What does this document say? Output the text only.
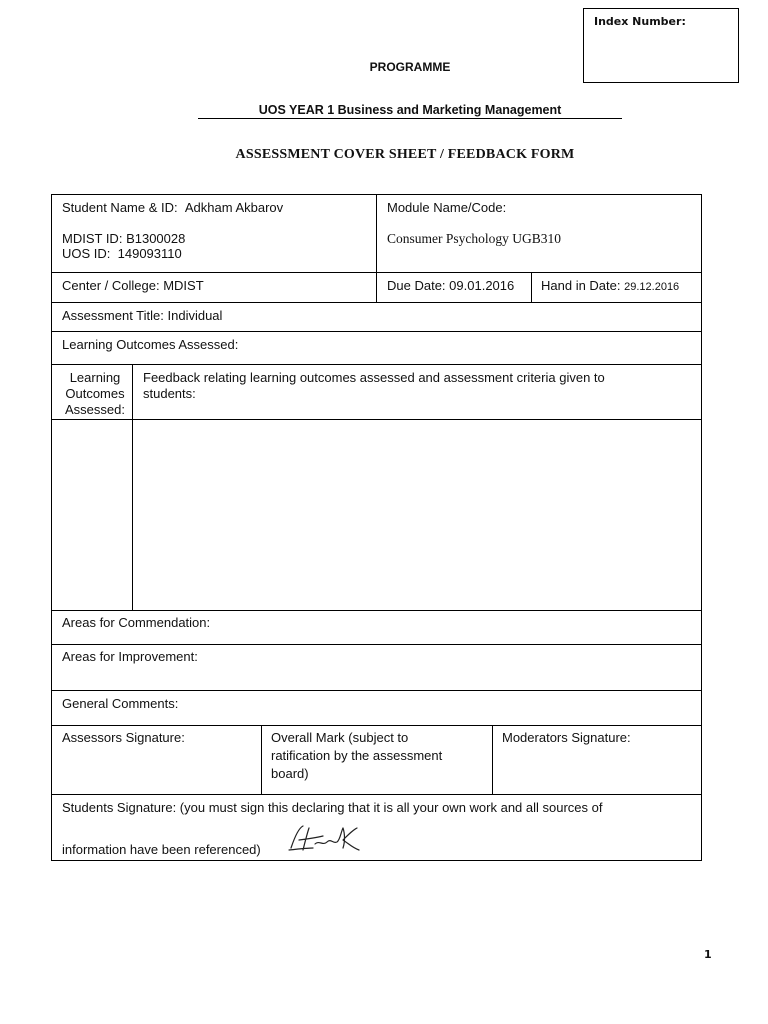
Index Number:
PROGRAMME
UOS YEAR 1 Business and Marketing Management
ASSESSMENT COVER SHEET / FEEDBACK FORM
Student Name & ID: Adkham Akbarov
MDIST ID: B1300028
UOS ID: 149093110
Module Name/Code:
Consumer Psychology UGB310
Center / College: MDIST	Due Date: 09.01.2016 Hand in Date: 29.12.2016
Assessment Title: Individual
Learning Outcomes Assessed:
Learning
Outcomes
Assessed:
Feedback relating learning outcomes assessed and assessment criteria given to
students:
Areas for Commendation:
Areas for Improvement:
General Comments:
Assessors Signature:	Overall Mark (subject to
ratification by the assessment
board)
Moderators Signature:
Students Signature: (you must sign this declaring that it is all your own work and all sources of
information have been referenced)
1
